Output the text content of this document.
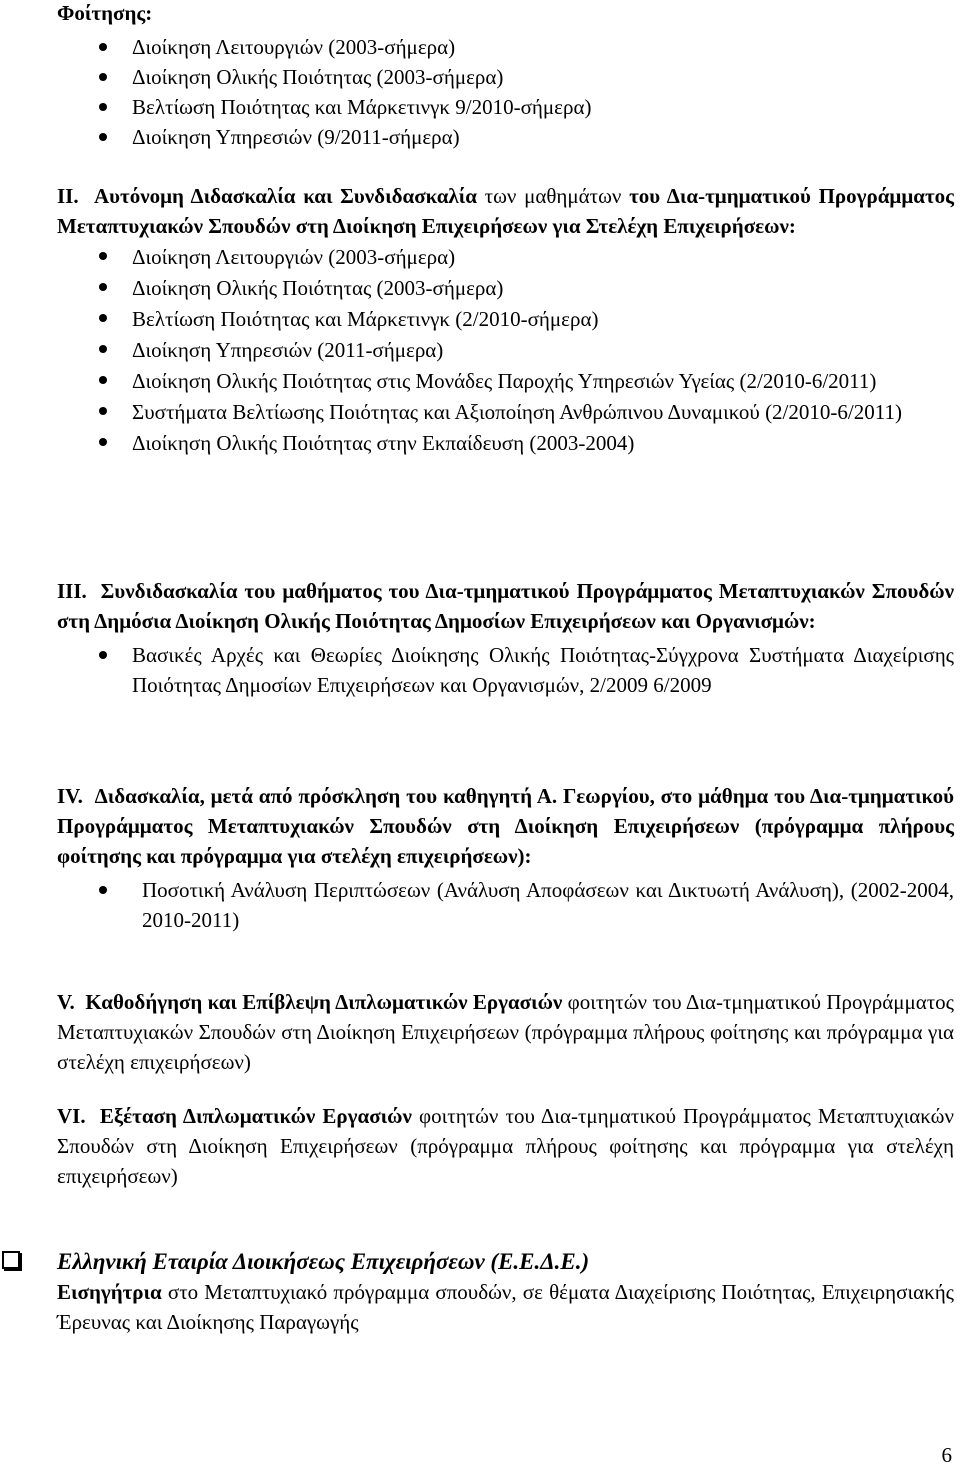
Φοίτησης:
Διοίκηση Λειτουργιών (2003-σήμερα)
Διοίκηση Ολικής Ποιότητας (2003-σήμερα)
Βελτίωση Ποιότητας και Μάρκετινγκ 9/2010-σήμερα)
Διοίκηση Υπηρεσιών (9/2011-σήμερα)

ΙΙ. Αυτόνομη Διδασκαλία και Συνδιδασκαλία των μαθημάτων του Δια-τμηματικού Προγράμματος Μεταπτυχιακών Σπουδών στη Διοίκηση Επιχειρήσεων για Στελέχη Επιχειρήσεων:

Διοίκηση Λειτουργιών (2003-σήμερα)
Διοίκηση Ολικής Ποιότητας (2003-σήμερα)
Βελτίωση Ποιότητας και Μάρκετινγκ (2/2010-σήμερα)
Διοίκηση Υπηρεσιών (2011-σήμερα)
Διοίκηση Ολικής Ποιότητας στις Μονάδες Παροχής Υπηρεσιών Υγείας (2/2010-6/2011)
Συστήματα Βελτίωσης Ποιότητας και Αξιοποίηση Ανθρώπινου Δυναμικού (2/2010-6/2011)
Διοίκηση Ολικής Ποιότητας στην Εκπαίδευση (2003-2004)

ΙΙΙ. Συνδιδασκαλία του μαθήματος του Δια-τμηματικού Προγράμματος Μεταπτυχιακών Σπουδών στη Δημόσια Διοίκηση Ολικής Ποιότητας Δημοσίων Επιχειρήσεων και Οργανισμών:

Βασικές Αρχές και Θεωρίες Διοίκησης Ολικής Ποιότητας-Σύγχρονα Συστήματα Διαχείρισης Ποιότητας Δημοσίων Επιχειρήσεων και Οργανισμών, 2/2009 6/2009

IV. Διδασκαλία, μετά από πρόσκληση του καθηγητή Α. Γεωργίου, στο μάθημα του Δια-τμηματικού Προγράμματος Μεταπτυχιακών Σπουδών στη Διοίκηση Επιχειρήσεων (πρόγραμμα πλήρους φοίτησης και πρόγραμμα για στελέχη επιχειρήσεων):

Ποσοτική Ανάλυση Περιπτώσεων (Ανάλυση Αποφάσεων και Δικτυωτή Ανάλυση), (2002-2004, 2010-2011)

V. Καθοδήγηση και Επίβλεψη Διπλωματικών Εργασιών φοιτητών του Δια-τμηματικού Προγράμματος Μεταπτυχιακών Σπουδών στη Διοίκηση Επιχειρήσεων (πρόγραμμα πλήρους φοίτησης και πρόγραμμα για στελέχη επιχειρήσεων)

VI. Εξέταση Διπλωματικών Εργασιών φοιτητών του Δια-τμηματικού Προγράμματος Μεταπτυχιακών Σπουδών στη Διοίκηση Επιχειρήσεων (πρόγραμμα πλήρους φοίτησης και πρόγραμμα για στελέχη επιχειρήσεων)

Ελληνική Εταιρία Διοικήσεως Επιχειρήσεων (Ε.Ε.Δ.Ε.)

Εισηγήτρια στο Μεταπτυχιακό πρόγραμμα σπουδών, σε θέματα Διαχείρισης Ποιότητας, Επιχειρησιακής Έρευνας και Διοίκησης Παραγωγής

6
